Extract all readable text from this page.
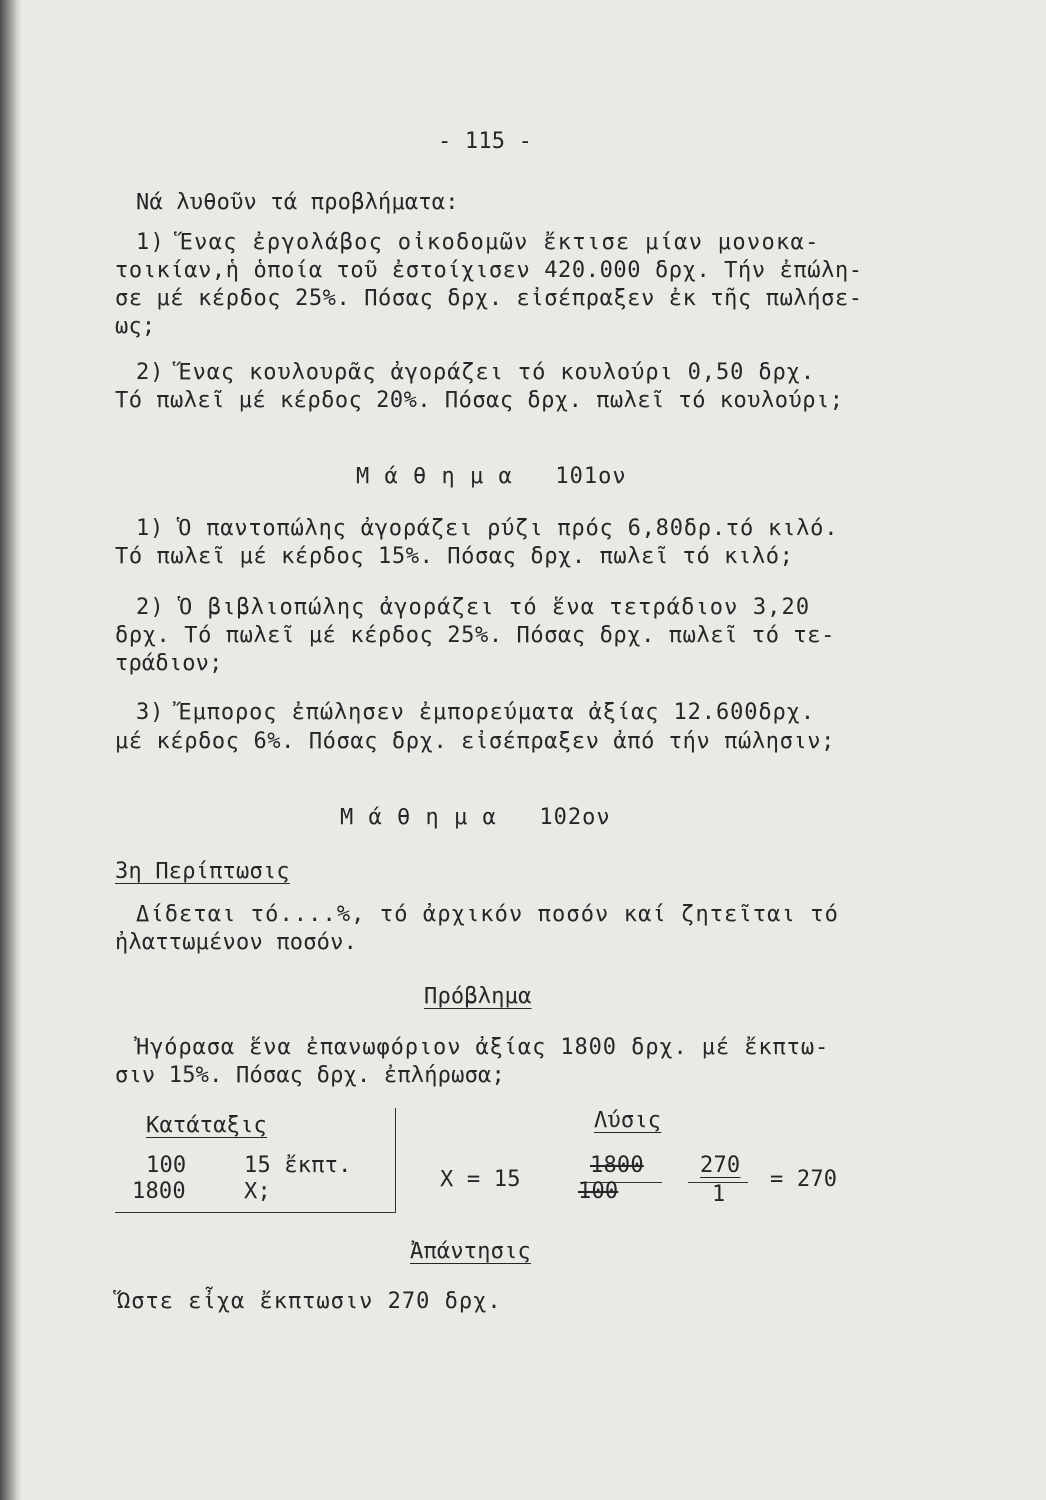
- 115 -
Νά λυθοῦν τά προβλήματα:
1) Ἕνας ἐργολάβος οἰκοδομῶν ἔκτισε μίαν μονοκα-
τοικίαν,ἡ ὁποία τοῦ ἐστοίχισεν 420.000 δρχ. Τήν ἐπώλη-
σε μέ κέρδος 25%. Πόσας δρχ. εἰσέπραξεν ἐκ τῆς πωλήσε-
ως;
2) Ἕνας κουλουρᾶς ἀγοράζει τό κουλούρι 0,50 δρχ.
Τό πωλεῖ μέ κέρδος 20%. Πόσας δρχ. πωλεῖ τό κουλούρι;
Μ ά θ η μ α   101ον
1) Ὁ παντοπώλης ἀγοράζει ρύζι πρός 6,80δρ.τό κιλό.
Τό πωλεῖ μέ κέρδος 15%. Πόσας δρχ. πωλεῖ τό κιλό;
2) Ὁ βιβλιοπώλης ἀγοράζει τό ἕνα τετράδιον 3,20
δρχ. Τό πωλεῖ μέ κέρδος 25%. Πόσας δρχ. πωλεῖ τό τε-
τράδιον;
3) Ἔμπορος ἐπώλησεν ἐμπορεύματα ἀξίας 12.600δρχ.
μέ κέρδος 6%. Πόσας δρχ. εἰσέπραξεν ἀπό τήν πώλησιν;
Μ ά θ η μ α   102ον
3η Περίπτωσις
Δίδεται τό....%, τό ἀρχικόν ποσόν καί ζητεῖται τό
ἠλαττωμένον ποσόν.
Πρόβλημα
Ἠγόρασα ἕνα ἐπανωφόριον ἀξίας 1800 δρχ. μέ ἔκπτω-
σιν 15%. Πόσας δρχ. ἐπλήρωσα;
Κατάταξις
100	15 ἔκπτ.
1800	Χ;
Λύσις
Χ = 15
1800
100
270
1
= 270
Ἀπάντησις
Ὥστε εἶχα ἔκπτωσιν 270 δρχ.
